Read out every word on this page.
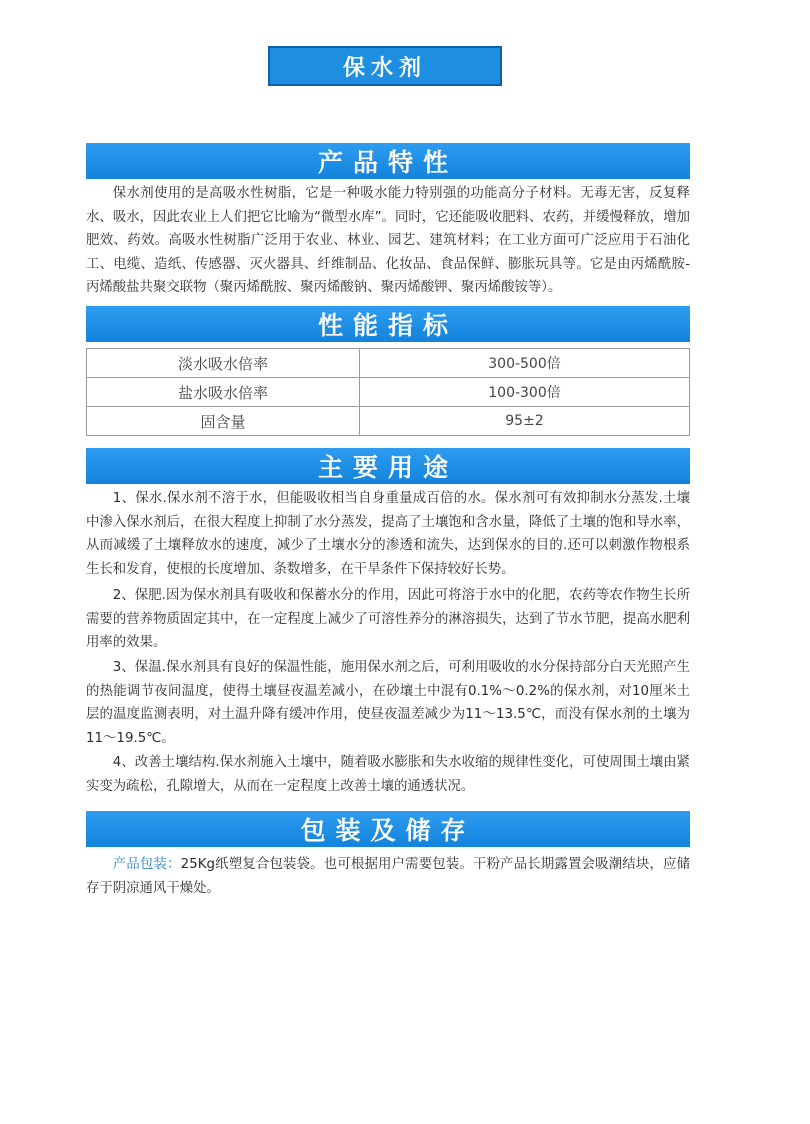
保水剂
产品特性

保水剂使用的是高吸水性树脂，它是一种吸水能力特别强的功能高分子材料。无毒无害，反复释水、吸水，因此农业上人们把它比喻为“微型水库”。同时，它还能吸收肥料、农药，并缓慢释放，增加肥效、药效。高吸水性树脂广泛用于农业、林业、园艺、建筑材料；在工业方面可广泛应用于石油化工、电缆、造纸、传感器、灭火器具、纤维制品、化妆品、食品保鲜、膨胀玩具等。它是由丙烯酰胺-丙烯酸盐共聚交联物（聚丙烯酰胺、聚丙烯酸钠、聚丙烯酸钾、聚丙烯酸铵等）。

性能指标
淡水吸水倍率	300-500倍
盐水吸水倍率	100-300倍
固含量	95±2
主要用途

1、保水.保水剂不溶于水，但能吸收相当自身重量成百倍的水。保水剂可有效抑制水分蒸发.土壤中渗入保水剂后，在很大程度上抑制了水分蒸发，提高了土壤饱和含水量，降低了土壤的饱和导水率，从而减缓了土壤释放水的速度，减少了土壤水分的渗透和流失，达到保水的目的.还可以刺激作物根系生长和发育，使根的长度增加、条数增多，在干旱条件下保持较好长势。

2、保肥.因为保水剂具有吸收和保蓄水分的作用，因此可将溶于水中的化肥，农药等农作物生长所需要的营养物质固定其中，在一定程度上减少了可溶性养分的淋溶损失，达到了节水节肥，提高水肥利用率的效果。

3、保温.保水剂具有良好的保温性能，施用保水剂之后，可利用吸收的水分保持部分白天光照产生的热能调节夜间温度，使得土壤昼夜温差减小，在砂壤土中混有0.1%～0.2%的保水剂，对10厘米土层的温度监测表明，对土温升降有缓冲作用，使昼夜温差减少为11～13.5℃，而没有保水剂的土壤为11～19.5℃。

4、改善土壤结构.保水剂施入土壤中，随着吸水膨胀和失水收缩的规律性变化，可使周围土壤由紧实变为疏松，孔隙增大，从而在一定程度上改善土壤的通透状况。

包装及储存

产品包装：25Kg纸塑复合包装袋。也可根据用户需要包装。干粉产品长期露置会吸潮结块，应储存于阴凉通风干燥处。
